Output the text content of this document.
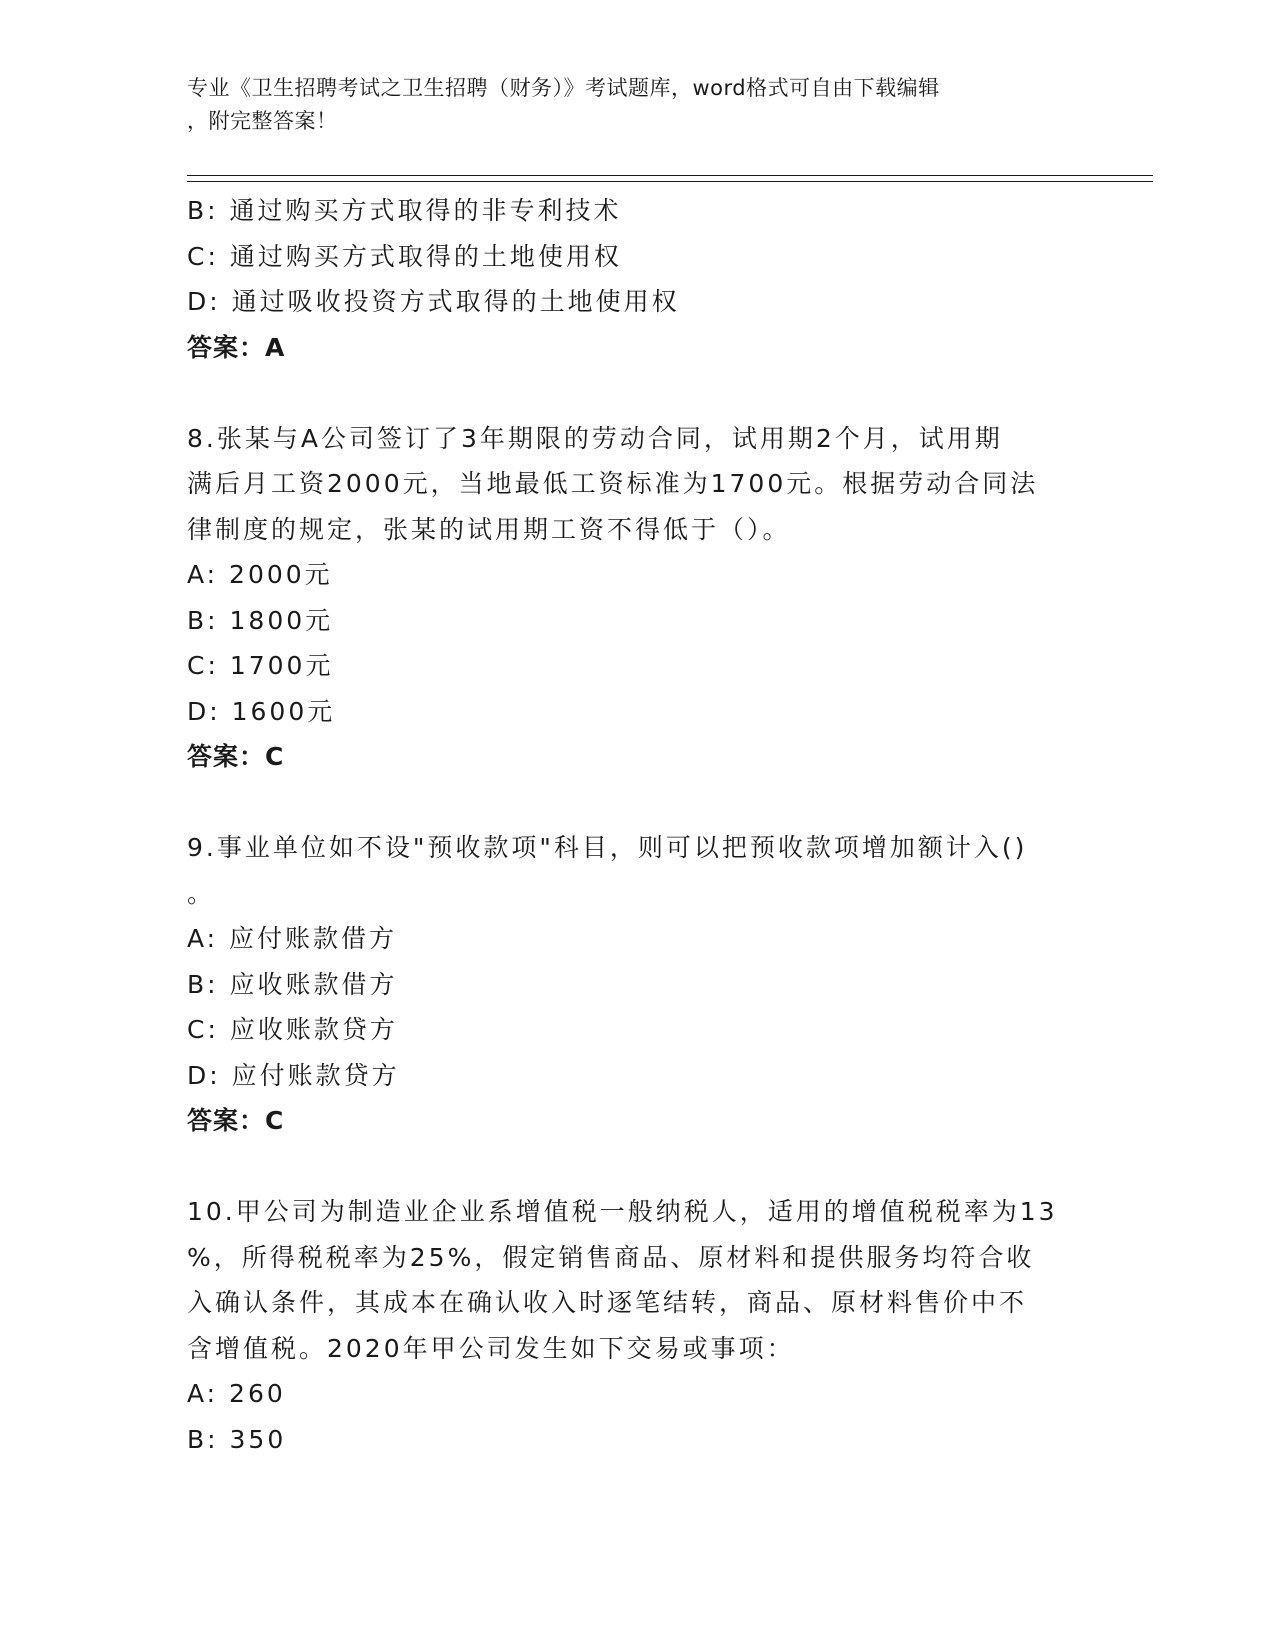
专业《卫生招聘考试之卫生招聘（财务）》考试题库，word格式可自由下载编辑
，附完整答案！
B: 通过购买方式取得的非专利技术
C: 通过购买方式取得的土地使用权
D: 通过吸收投资方式取得的土地使用权
答案：A
8.张某与A公司签订了3年期限的劳动合同，试用期2个月，试用期
满后月工资2000元，当地最低工资标准为1700元。根据劳动合同法
律制度的规定，张某的试用期工资不得低于（）。
A: 2000元
B: 1800元
C: 1700元
D: 1600元
答案：C
9.事业单位如不设"预收款项"科目，则可以把预收款项增加额计入()
。
A: 应付账款借方
B: 应收账款借方
C: 应收账款贷方
D: 应付账款贷方
答案：C
10.甲公司为制造业企业系增值税一般纳税人，适用的增值税税率为13
%，所得税税率为25%，假定销售商品、原材料和提供服务均符合收
入确认条件，其成本在确认收入时逐笔结转，商品、原材料售价中不
含增值税。2020年甲公司发生如下交易或事项：
A: 260
B: 350
